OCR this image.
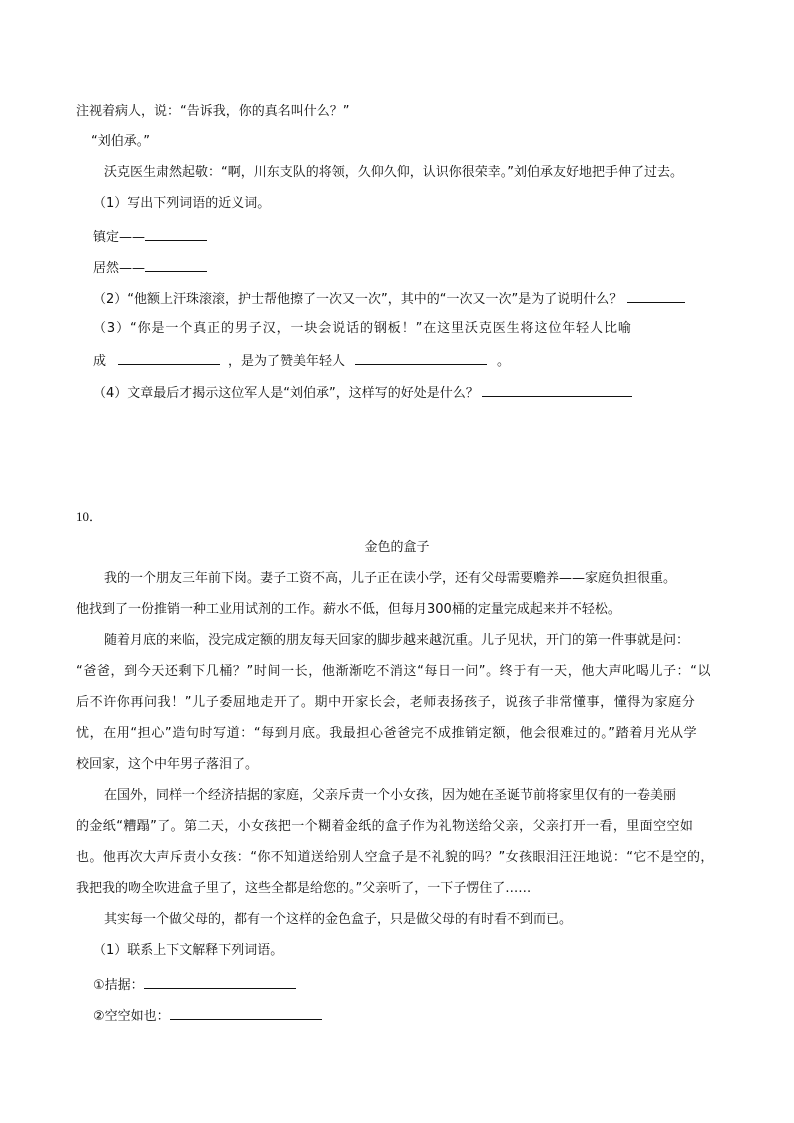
注视着病人，说：“告诉我，你的真名叫什么？”
“刘伯承。”
沃克医生肃然起敬：“啊，川东支队的将领，久仰久仰，认识你很荣幸。”刘伯承友好地把手伸了过去。
（1）写出下列词语的近义词。
镇定——
居然——
（2）“他额上汗珠滚滚，护士帮他擦了一次又一次”，其中的“一次又一次”是为了说明什么？
（3）“你是一个真正的男子汉，一块会说话的钢板！”在这里沃克医生将这位年轻人比喻
成	，是为了赞美年轻人	。
（4）文章最后才揭示这位军人是“刘伯承”，这样写的好处是什么？
10．
金色的盒子
我的一个朋友三年前下岗。妻子工资不高，儿子正在读小学，还有父母需要赡养——家庭负担很重。
他找到了一份推销一种工业用试剂的工作。薪水不低，但每月300桶的定量完成起来并不轻松。
随着月底的来临，没完成定额的朋友每天回家的脚步越来越沉重。儿子见状，开门的第一件事就是问：
“爸爸，到今天还剩下几桶？”时间一长，他渐渐吃不消这“每日一问”。终于有一天，他大声叱喝儿子：“以
后不许你再问我！”儿子委屈地走开了。期中开家长会，老师表扬孩子，说孩子非常懂事，懂得为家庭分
忧，在用“担心”造句时写道：“每到月底。我最担心爸爸完不成推销定额，他会很难过的。”踏着月光从学
校回家，这个中年男子落泪了。
在国外，同样一个经济拮据的家庭，父亲斥责一个小女孩，因为她在圣诞节前将家里仅有的一卷美丽
的金纸“糟蹋”了。第二天，小女孩把一个糊着金纸的盒子作为礼物送给父亲，父亲打开一看，里面空空如
也。他再次大声斥责小女孩：“你不知道送给别人空盒子是不礼貌的吗？”女孩眼泪汪汪地说：“它不是空的，
我把我的吻全吹进盒子里了，这些全都是给您的。”父亲听了，一下子愣住了……
其实每一个做父母的，都有一个这样的金色盒子，只是做父母的有时看不到而已。
（1）联系上下文解释下列词语。
①拮据：
②空空如也：
